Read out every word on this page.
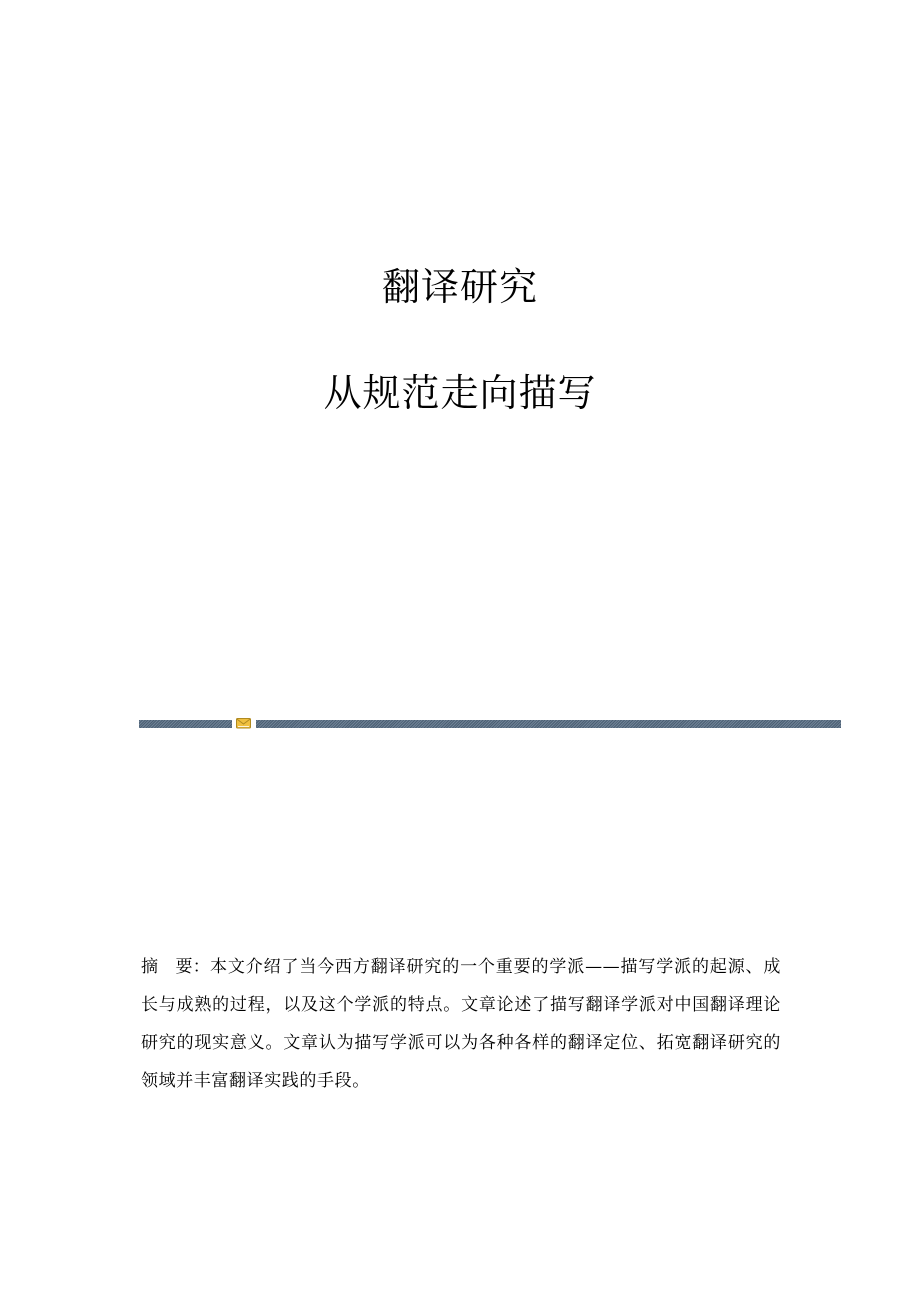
翻译研究
从规范走向描写

摘　要：本文介绍了当今西方翻译研究的一个重要的学派——描写学派的起源、成长与成熟的过程，以及这个学派的特点。文章论述了描写翻译学派对中国翻译理论研究的现实意义。文章认为描写学派可以为各种各样的翻译定位、拓宽翻译研究的领域并丰富翻译实践的手段。
